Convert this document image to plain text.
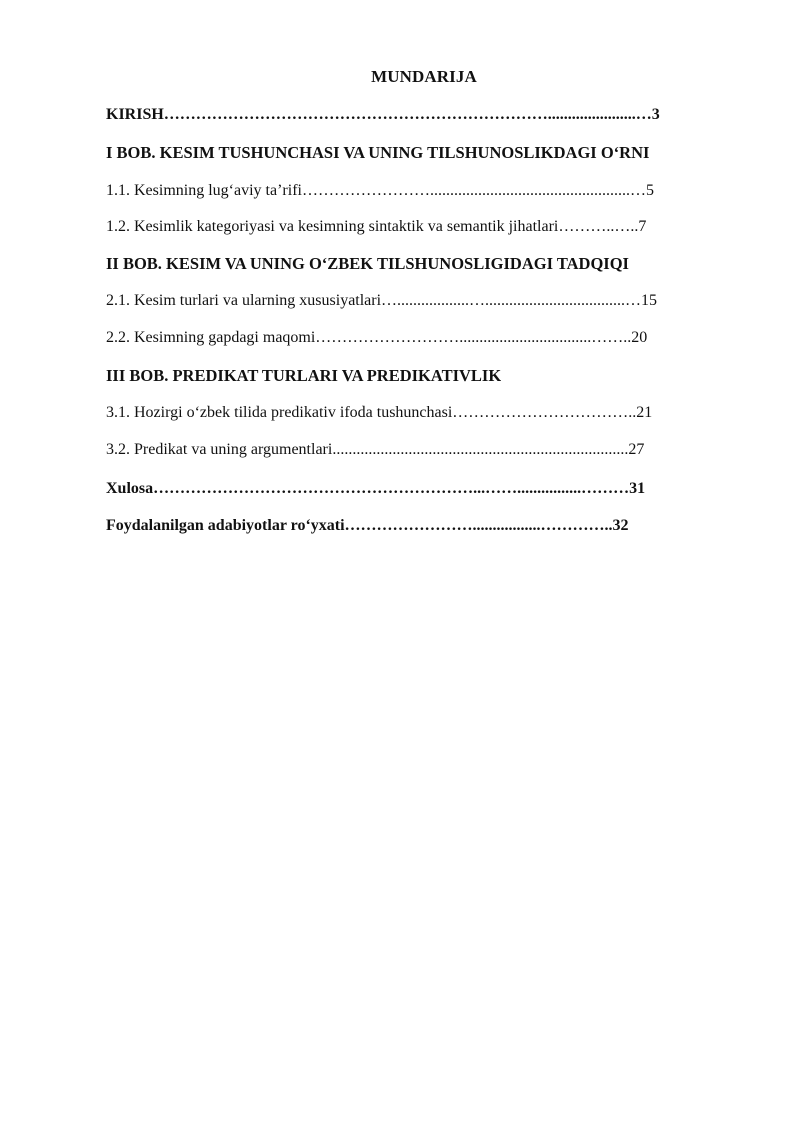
MUNDARIJA
KIRISH………………………………………………………………......................…3
I BOB. KESIM TUSHUNCHASI VA UNING TILSHUNOSLIKDAGI O‘RNI
1.1. Kesimning lug‘aviy ta’rifi……………………..................................................…5
1.2. Kesimlik kategoriyasi va kesimning sintaktik va semantik jihatlari………..…..7
II BOB. KESIM VA UNING O‘ZBEK TILSHUNOSLIGIDAGI TADQIQI
2.1. Kesim turlari va ularning xususiyatlari…..................…...................................…15
2.2. Kesimning gapdagi maqomi……………………….................................……..20
III BOB. PREDIKAT TURLARI VA PREDIKATIVLIK
3.1. Hozirgi o‘zbek tilida predikativ ifoda tushunchasi……………………………..21
3.2. Predikat va uning argumentlari..........................................................................27
Xulosa……………………………………………………...……................………31
Foydalanilgan adabiyotlar ro‘yxati…………………….................…………..32
